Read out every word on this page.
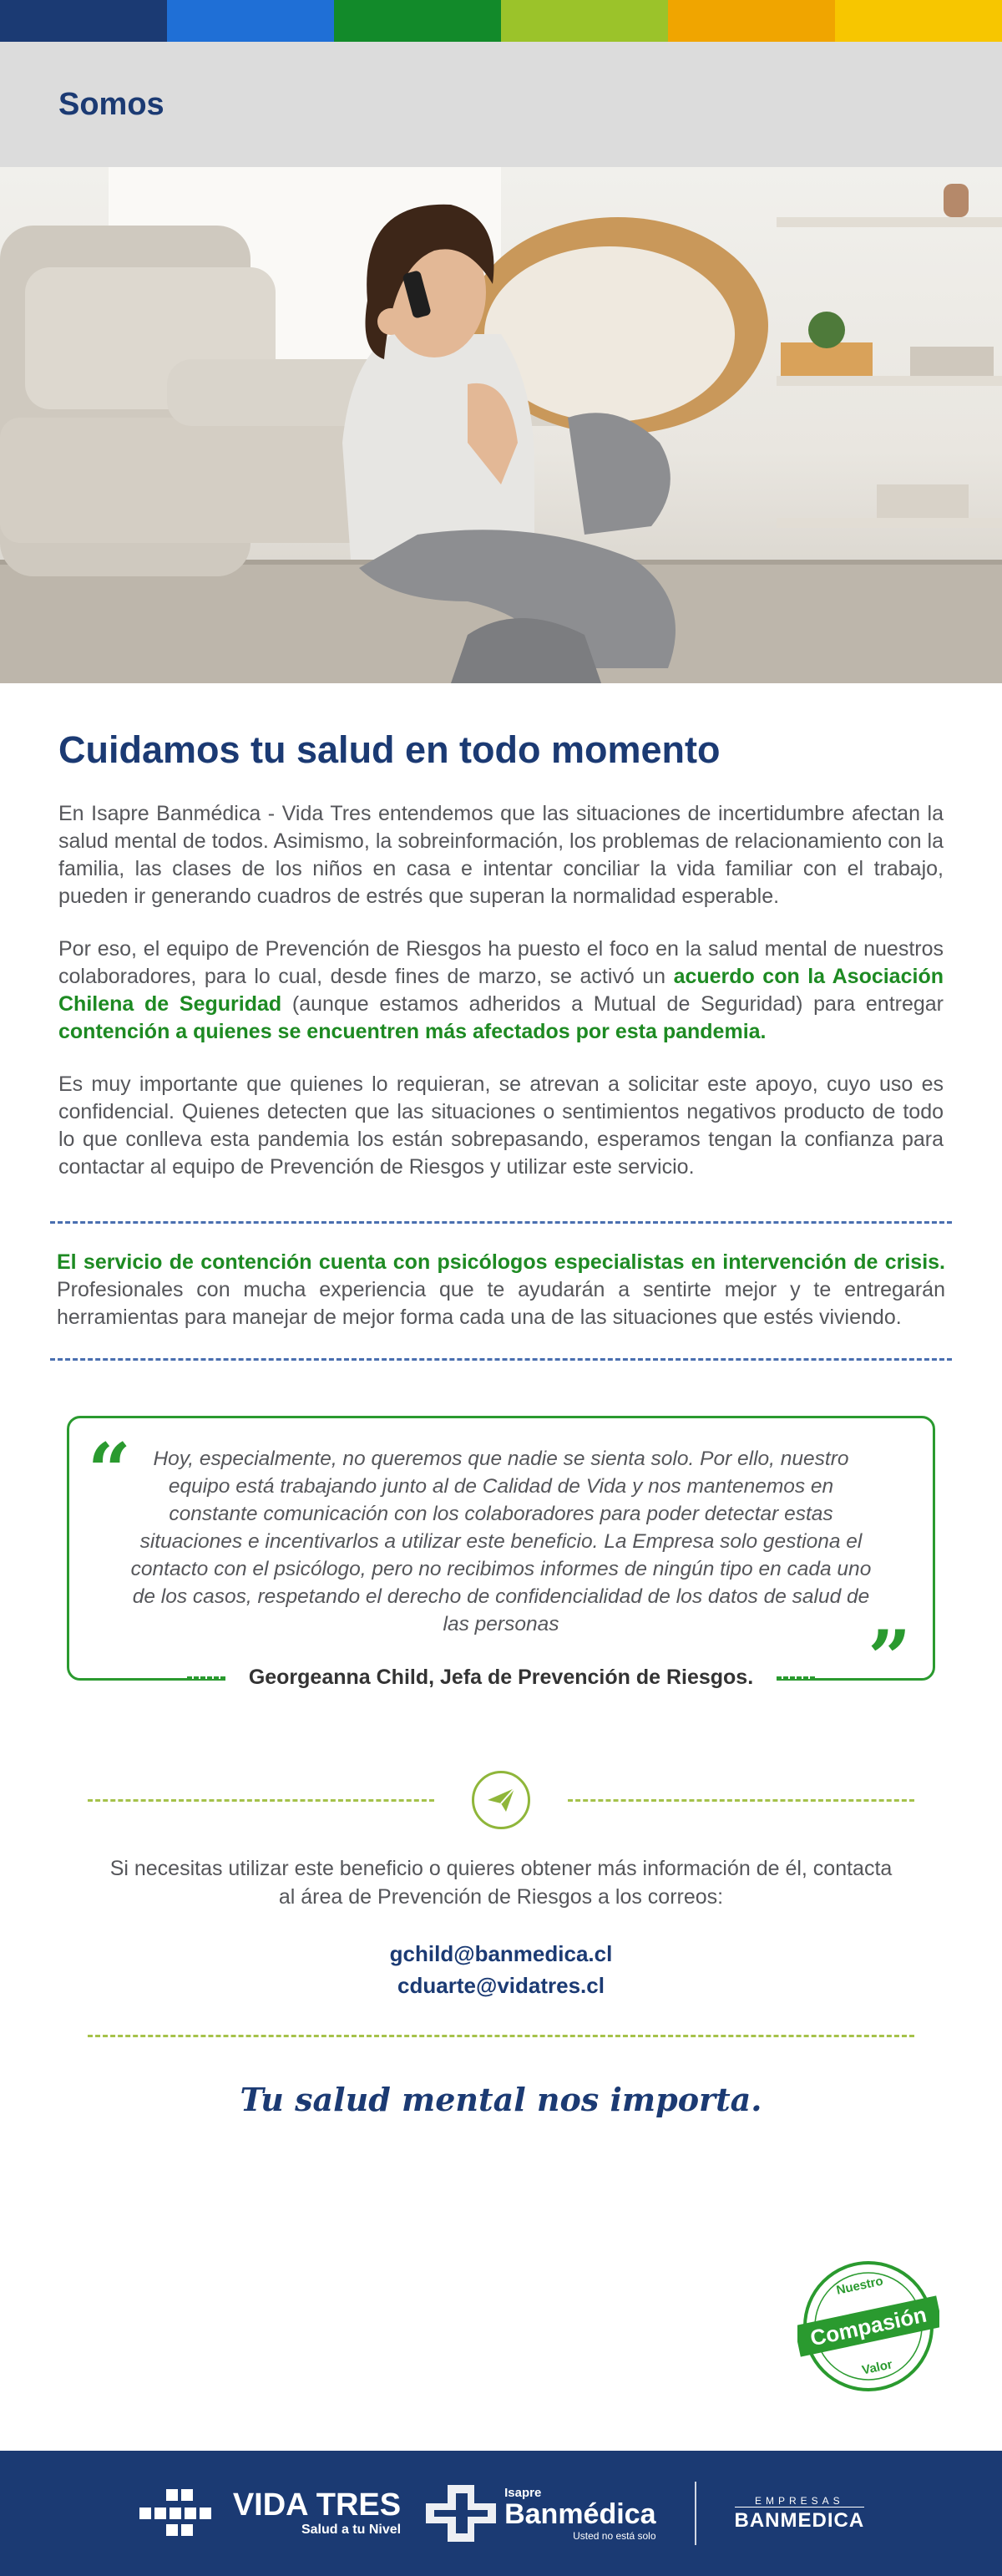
Somos
Cuidamos tu salud en todo momento

En Isapre Banmédica - Vida Tres entendemos que las situaciones de incertidumbre afectan la salud mental de todos. Asimismo, la sobreinformación, los problemas de relacionamiento con la familia, las clases de los niños en casa e intentar conciliar la vida familiar con el trabajo, pueden ir generando cuadros de estrés que superan la normalidad esperable.

Por eso, el equipo de Prevención de Riesgos ha puesto el foco en la salud mental de nuestros colaboradores, para lo cual, desde fines de marzo, se activó un acuerdo con la Asociación Chilena de Seguridad (aunque estamos adheridos a Mutual de Seguridad) para entregar contención a quienes se encuentren más afectados por esta pandemia.

Es muy importante que quienes lo requieran, se atrevan a solicitar este apoyo, cuyo uso es confidencial. Quienes detecten que las situaciones o sentimientos negativos producto de todo lo que conlleva esta pandemia los están sobrepasando, esperamos tengan la confianza para contactar al equipo de Prevención de Riesgos y utilizar este servicio.

El servicio de contención cuenta con psicólogos especialistas en intervención de crisis. Profesionales con mucha experiencia que te ayudarán a sentirte mejor y te entregarán herramientas para manejar de mejor forma cada una de las situaciones que estés viviendo.

“	Hoy, especialmente, no queremos que nadie se sienta solo. Por ello, nuestro equipo está trabajando junto al de Calidad de Vida y nos mantenemos en constante comunicación con los colaboradores para poder detectar estas situaciones e incentivarlos a utilizar este beneficio. La Empresa solo gestiona el contacto con el psicólogo, pero no recibimos informes de ningún tipo en cada uno de los casos, respetando el derecho de confidencialidad de los datos de salud de las personas	”
Georgeanna Child, Jefa de Prevención de Riesgos.

Si necesitas utilizar este beneficio o quieres obtener más información de él, contacta al área de Prevención de Riesgos a los correos:

gchild@banmedica.cl
cduarte@vidatres.cl
Tu salud mental nos importa.
Nuestro
Compasión
Valor
VIDA TRES
Salud a tu Nivel
Isapre
Banmédica
Usted no está solo
EMPRESAS
BANMEDICA
